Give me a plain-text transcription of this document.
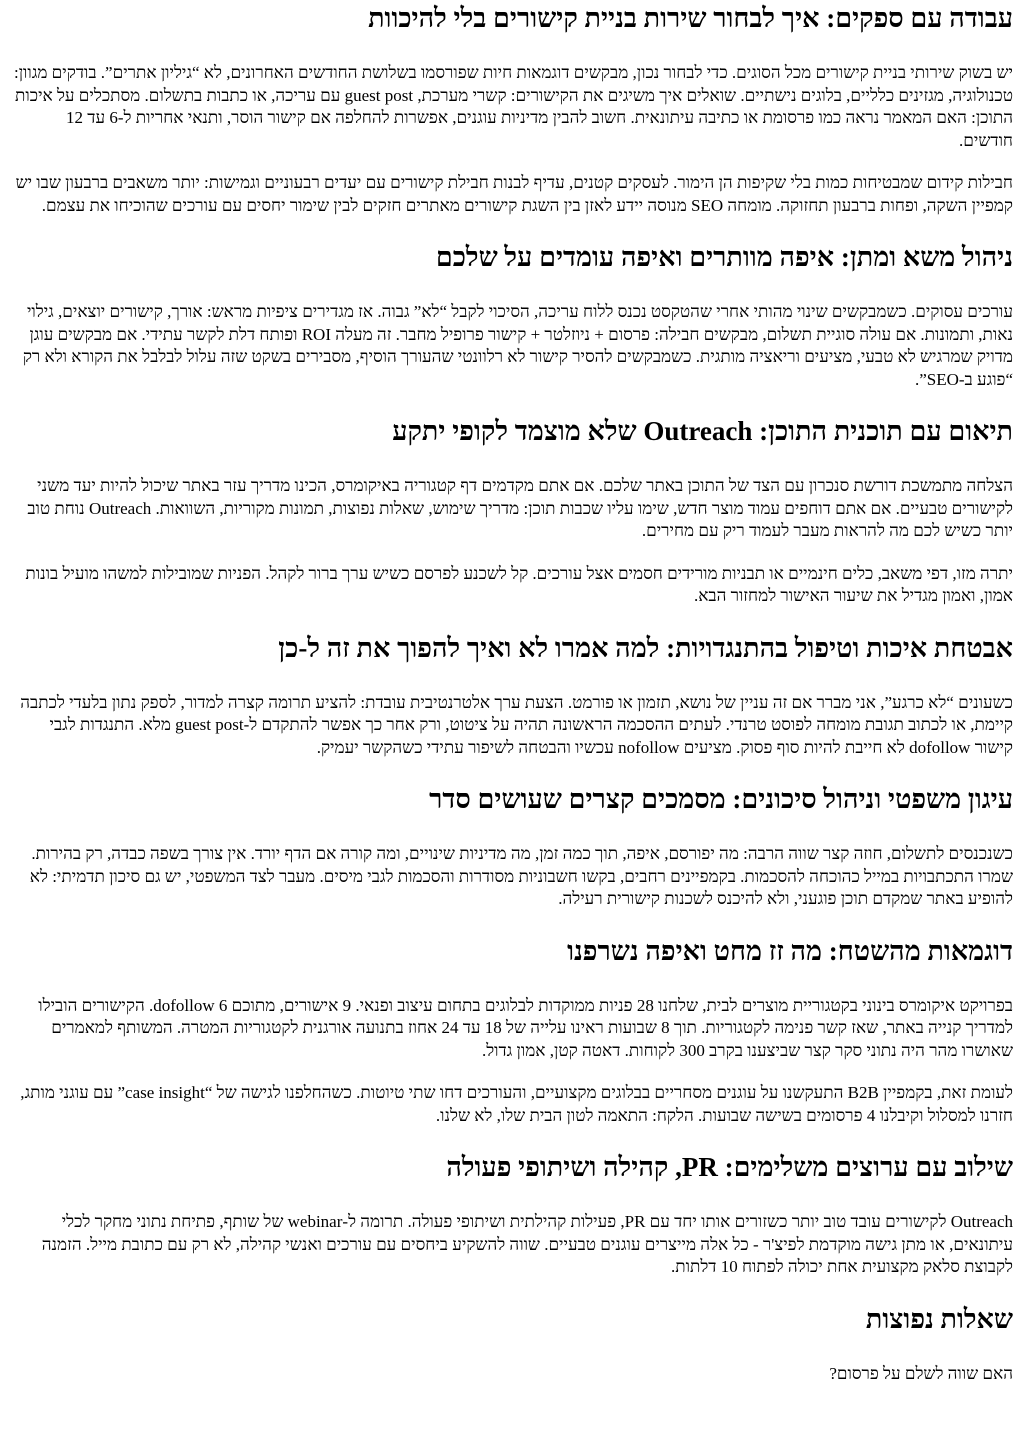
עבודה עם ספקים: איך לבחור שירות בניית קישורים בלי להיכוות

יש בשוק שירותי בניית קישורים מכל הסוגים. כדי לבחור נכון, מבקשים דוגמאות חיות שפורסמו בשלושת החודשים האחרונים, לא “גיליון אתרים”. בודקים מגוון: טכנולוגיה, מגזינים כלליים, בלוגים נישתיים. שואלים איך משיגים את הקישורים: קשרי מערכת, guest post עם עריכה, או כתבות בתשלום. מסתכלים על איכות התוכן: האם המאמר נראה כמו פרסומת או כתיבה עיתונאית. חשוב להבין מדיניות עוגנים, אפשרות להחלפה אם קישור הוסר, ותנאי אחריות ל-6 עד 12 חודשים.

חבילות קידום שמבטיחות כמות בלי שקיפות הן הימור. לעסקים קטנים, עדיף לבנות חבילת קישורים עם יעדים רבעוניים וגמישות: יותר משאבים ברבעון שבו יש קמפיין השקה, ופחות ברבעון תחזוקה. מומחה SEO מנוסה יידע לאזן בין השגת קישורים מאתרים חזקים לבין שימור יחסים עם עורכים שהוכיחו את עצמם.

ניהול משא ומתן: איפה מוותרים ואיפה עומדים על שלכם

עורכים עסוקים. כשמבקשים שינוי מהותי אחרי שהטקסט נכנס ללוח עריכה, הסיכוי לקבל “לא” גבוה. אז מגדירים ציפיות מראש: אורך, קישורים יוצאים, גילוי נאות, ותמונות. אם עולה סוגיית תשלום, מבקשים חבילה: פרסום + ניוזלטר + קישור פרופיל מחבר. זה מעלה ROI ופותח דלת לקשר עתידי. אם מבקשים עוגן מדויק שמרגיש לא טבעי, מציעים וריאציה מותגית. כשמבקשים להסיר קישור לא רלוונטי שהעורך הוסיף, מסבירים בשקט שזה עלול לבלבל את הקורא ולא רק “פוגע ב-SEO”.

תיאום עם תוכנית התוכן: Outreach שלא מוצמד לקופי יתקע

הצלחה מתמשכת דורשת סנכרון עם הצד של התוכן באתר שלכם. אם אתם מקדמים דף קטגוריה באיקומרס, הכינו מדריך עזר באתר שיכול להיות יעד משני לקישורים טבעיים. אם אתם דוחפים עמוד מוצר חדש, שימו עליו שכבות תוכן: מדריך שימוש, שאלות נפוצות, תמונות מקוריות, השוואות. Outreach נוחת טוב יותר כשיש לכם מה להראות מעבר לעמוד ריק עם מחירים.

יתרה מזו, דפי משאב, כלים חינמיים או תבניות מורידים חסמים אצל עורכים. קל לשכנע לפרסם כשיש ערך ברור לקהל. הפניות שמובילות למשהו מועיל בונות אמון, ואמון מגדיל את שיעור האישור למחזור הבא.

אבטחת איכות וטיפול בהתנגדויות: למה אמרו לא ואיך להפוך את זה ל-כן

כשעונים “לא כרגע”, אני מברר אם זה עניין של נושא, תזמון או פורמט. הצעת ערך אלטרנטיבית עובדת: להציע תרומה קצרה למדור, לספק נתון בלעדי לכתבה קיימת, או לכתוב תגובת מומחה לפוסט טרנדי. לעתים ההסכמה הראשונה תהיה על ציטוט, ורק אחר כך אפשר להתקדם ל-guest post מלא. התנגדות לגבי קישור dofollow לא חייבת להיות סוף פסוק. מציעים nofollow עכשיו והבטחה לשיפור עתידי כשהקשר יעמיק.

עיגון משפטי וניהול סיכונים: מסמכים קצרים שעושים סדר

כשנכנסים לתשלום, חוזה קצר שווה הרבה: מה יפורסם, איפה, תוך כמה זמן, מה מדיניות שינויים, ומה קורה אם הדף יורד. אין צורך בשפה כבדה, רק בהירות. שמרו התכתבויות במייל כהוכחה להסכמות. בקמפיינים רחבים, בקשו חשבוניות מסודרות והסכמות לגבי מיסים. מעבר לצד המשפטי, יש גם סיכון תדמיתי: לא להופיע באתר שמקדם תוכן פוגעני, ולא להיכנס לשכנות קישורית רעילה.

דוגמאות מהשטח: מה זז מחט ואיפה נשרפנו

בפרויקט איקומרס בינוני בקטגוריית מוצרים לבית, שלחנו 28 פניות ממוקדות לבלוגים בתחום עיצוב ופנאי. 9 אישורים, מתוכם 6 dofollow. הקישורים הובילו למדריך קנייה באתר, שאז קשר פנימה לקטגוריות. תוך 8 שבועות ראינו עלייה של 18 עד 24 אחוז בתנועה אורגנית לקטגוריות המטרה. המשותף למאמרים שאושרו מהר היה נתוני סקר קצר שביצענו בקרב 300 לקוחות. דאטה קטן, אמון גדול.

לעומת זאת, בקמפיין B2B התעקשנו על עוגנים מסחריים בבלוגים מקצועיים, והעורכים דחו שתי טיוטות. כשהחלפנו לגישה של “case insight” עם עוגני מותג, חזרנו למסלול וקיבלנו 4 פרסומים בשישה שבועות. הלקח: התאמה לטון הבית שלו, לא שלנו.

שילוב עם ערוצים משלימים: PR, קהילה ושיתופי פעולה

Outreach לקישורים עובד טוב יותר כשזורים אותו יחד עם PR, פעילות קהילתית ושיתופי פעולה. תרומה ל-webinar של שותף, פתיחת נתוני מחקר לכלי עיתונאים, או מתן גישה מוקדמת לפיצ'ר - כל אלה מייצרים עוגנים טבעיים. שווה להשקיע ביחסים עם עורכים ואנשי קהילה, לא רק עם כתובת מייל. הזמנה לקבוצת סלאק מקצועית אחת יכולה לפתוח 10 דלתות.

שאלות נפוצות

האם שווה לשלם על פרסום?
